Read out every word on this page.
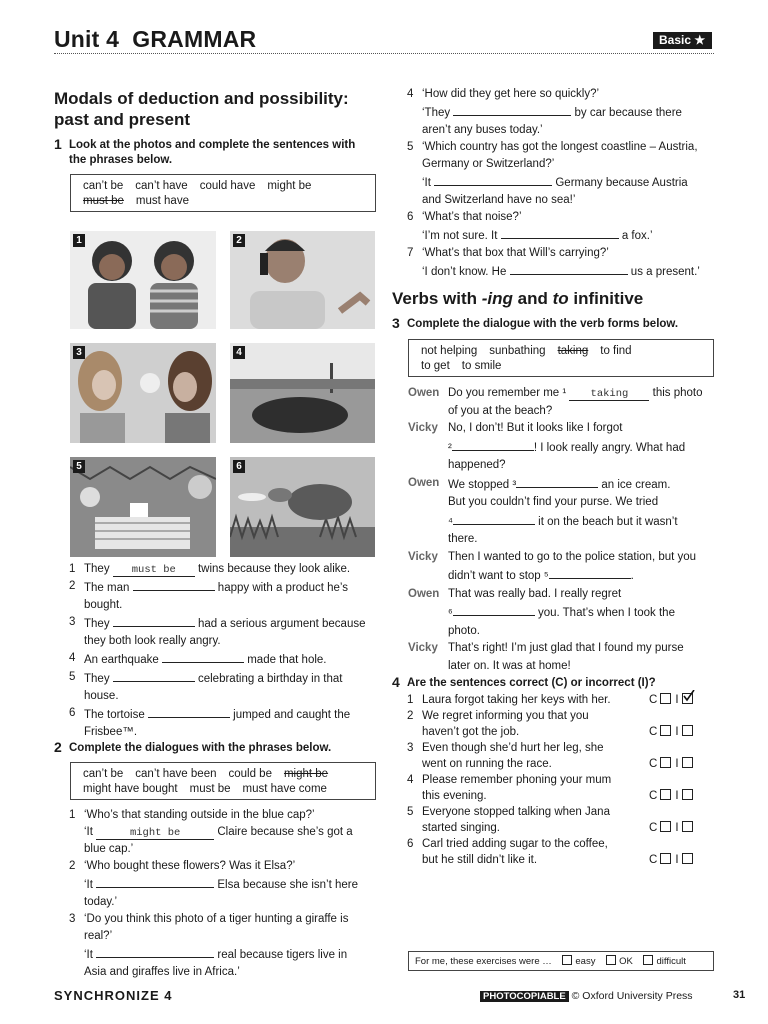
Unit 4 GRAMMAR	Basic ★
Modals of deduction and possibility:
past and present
1 Look at the photos and complete the sentences with
the phrases below.
can’t be can’t have could have might be
must be must have
1	2
3	4
5	6
1 They must be twins because they look alike.
2 The man	happy with a product he’s
bought.
3 They	had a serious argument because
they both look really angry.
4 An earthquake	made that hole.
5 They	celebrating a birthday in that
house.
6 The tortoise	jumped and caught the
Frisbee™.
2 Complete the dialogues with the phrases below.
can’t be can’t have been could be might be
might have bought must be must have come
1 ‘Who’s that standing outside in the blue cap?’
‘It	might be	Claire because she’s got a
blue cap.’
2 ‘Who bought these flowers? Was it Elsa?’
‘It	Elsa because she isn’t here
today.’
3 ‘Do you think this photo of a tiger hunting a giraffe is
real?’
‘It	real because tigers live in
Asia and giraffes live in Africa.’
4 ‘How did they get here so quickly?’
‘They	by car because there
aren’t any buses today.’
5 ‘Which country has got the longest coastline – Austria,
Germany or Switzerland?’
‘It	Germany because Austria
and Switzerland have no sea!’
6 ‘What’s that noise?’
‘I’m not sure. It	a fox.’
7 ‘What’s that box that Will’s carrying?’
‘I don’t know. He	us a present.’
Verbs with -ing and to infinitive
3 Complete the dialogue with the verb forms below.
not helping sunbathing taking to find
to get to smile
Owen Do you remember me ¹ taking this photo
of you at the beach?
Vicky No, I don’t! But it looks like I forgot
²	! I look really angry. What had
happened?
Owen We stopped ³	an ice cream.
But you couldn’t find your purse. We tried
⁴	it on the beach but it wasn’t
there.
Vicky Then I wanted to go to the police station, but you
didn’t want to stop ⁵	.
Owen That was really bad. I really regret
⁶	you. That’s when I took the
photo.
Vicky That’s right! I’m just glad that I found my purse
later on. It was at home!
4 Are the sentences correct (C) or incorrect (I)?
1 Laura forgot taking her keys with her.	C I
2 We regret informing you that you
haven’t got the job.	C I
3 Even though she’d hurt her leg, she
went on running the race.	C I
4 Please remember phoning your mum
this evening.	C I
5 Everyone stopped talking when Jana
started singing.	C I
6 Carl tried adding sugar to the coffee,
but he still didn’t like it.	C I
For me, these exercises were … easy OK difficult
SYNCHRONIZE 4	PHOTOCOPIABLE © Oxford University Press	31
